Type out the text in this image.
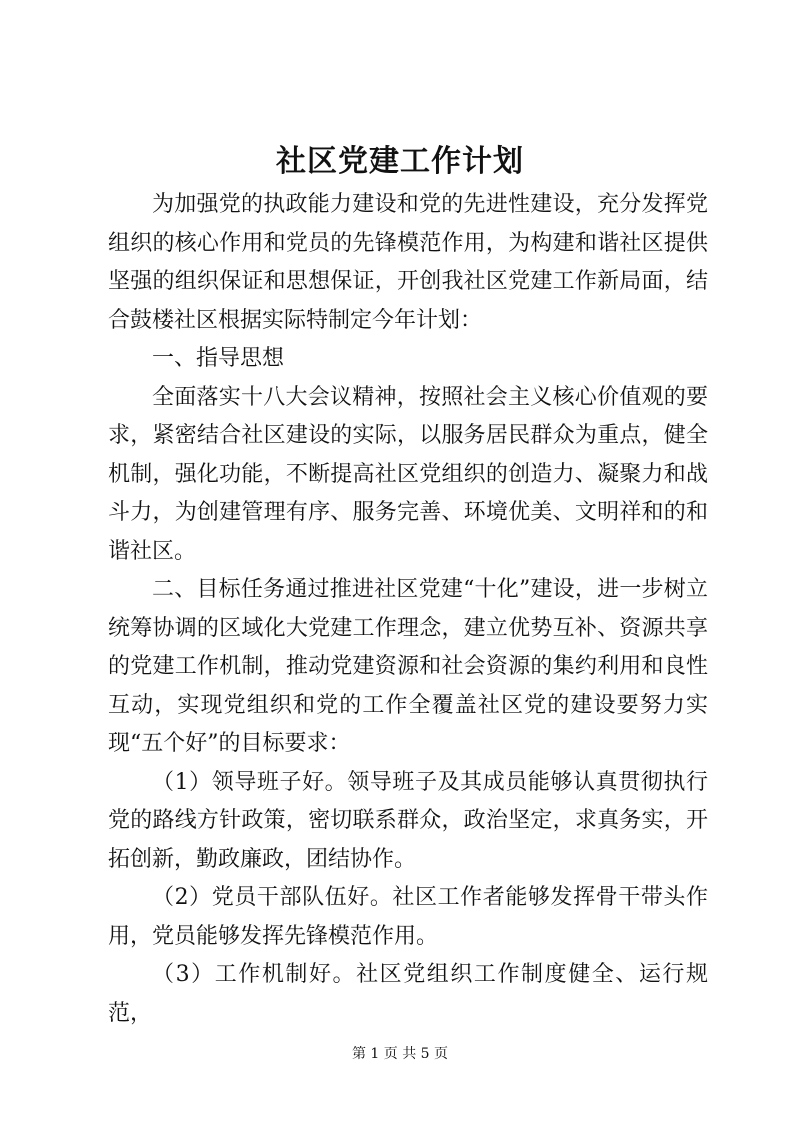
社区党建工作计划

为加强党的执政能力建设和党的先进性建设，充分发挥党组织的核心作用和党员的先锋模范作用，为构建和谐社区提供坚强的组织保证和思想保证，开创我社区党建工作新局面，结合鼓楼社区根据实际特制定今年计划：

一、指导思想

全面落实十八大会议精神，按照社会主义核心价值观的要求，紧密结合社区建设的实际，以服务居民群众为重点，健全机制，强化功能，不断提高社区党组织的创造力、凝聚力和战斗力，为创建管理有序、服务完善、环境优美、文明祥和的和谐社区。

二、目标任务通过推进社区党建“十化”建设，进一步树立统筹协调的区域化大党建工作理念，建立优势互补、资源共享的党建工作机制，推动党建资源和社会资源的集约利用和良性互动，实现党组织和党的工作全覆盖社区党的建设要努力实现“五个好”的目标要求：

（1）领导班子好。领导班子及其成员能够认真贯彻执行党的路线方针政策，密切联系群众，政治坚定，求真务实，开拓创新，勤政廉政，团结协作。

（2）党员干部队伍好。社区工作者能够发挥骨干带头作用，党员能够发挥先锋模范作用。

（3）工作机制好。社区党组织工作制度健全、运行规范，

第 1 页 共 5 页
